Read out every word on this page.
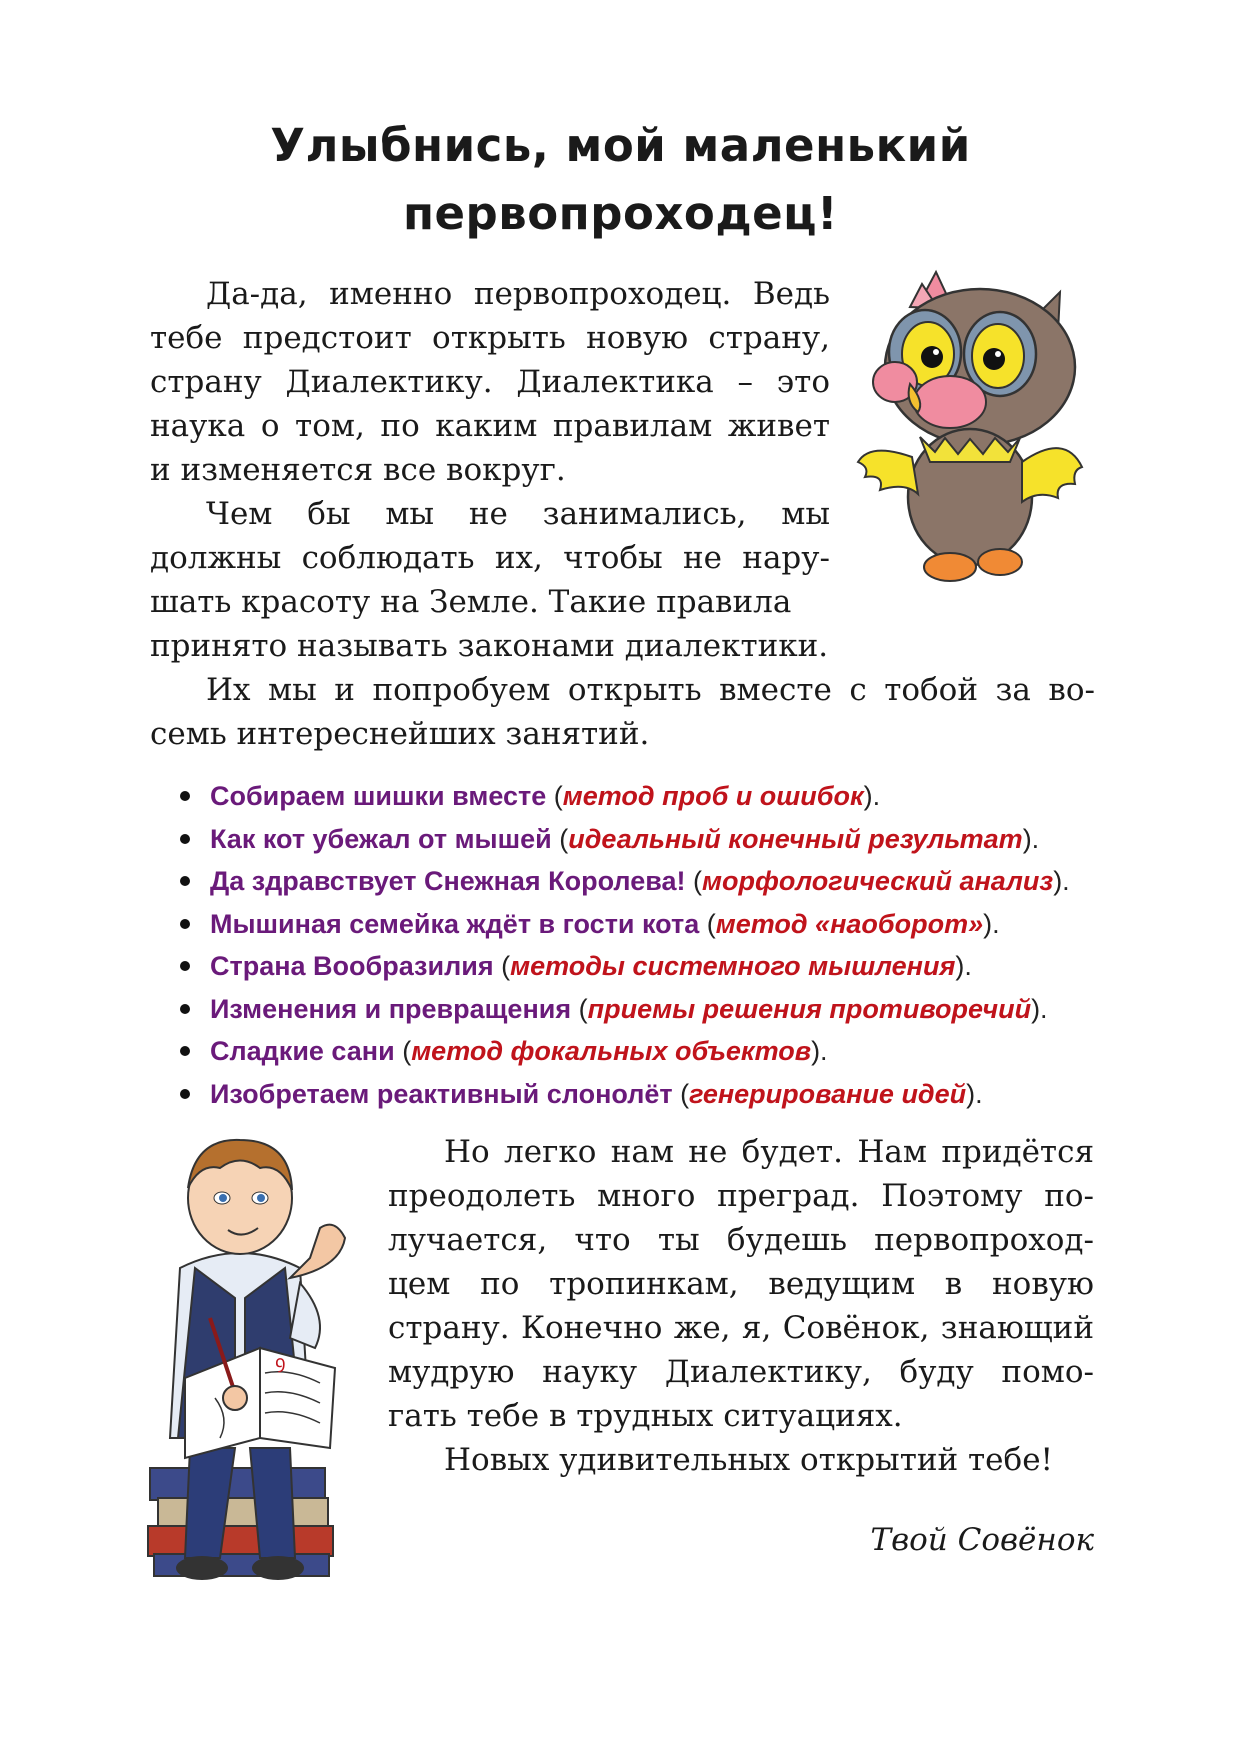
Улыбнись, мой маленький
первопроходец!
Да-да, именно первопроходец. Ведь
тебе предстоит открыть новую страну,
страну Диалектику. Диалектика – это
наука о том, по каким правилам живет
и изменяется все вокруг.
Чем бы мы не занимались, мы
должны соблюдать их, чтобы не нару-
шать красоту на Земле. Такие правила
принято называть законами диалектики.
Их мы и попробуем открыть вместе с тобой за во-
семь интереснейших занятий.
Собираем шишки вместе (метод проб и ошибок).
Как кот убежал от мышей (идеальный конечный результат).
Да здравствует Снежная Королева! (морфологический анализ).
Мышиная семейка ждёт в гости кота (метод «наоборот»).
Страна Вообразилия (методы системного мышления).
Изменения и превращения (приемы решения противоречий).
Сладкие сани (метод фокальных объектов).
Изобретаем реактивный слонолёт (генерирование идей).
ꝯ
Но легко нам не будет. Нам придётся
преодолеть много преград. Поэтому по-
лучается, что ты будешь первопроход-
цем по тропинкам, ведущим в новую
страну. Конечно же, я, Совёнок, знающий
мудрую науку Диалектику, буду помо-
гать тебе в трудных ситуациях.
Новых удивительных открытий тебе!
Твой Совёнок
